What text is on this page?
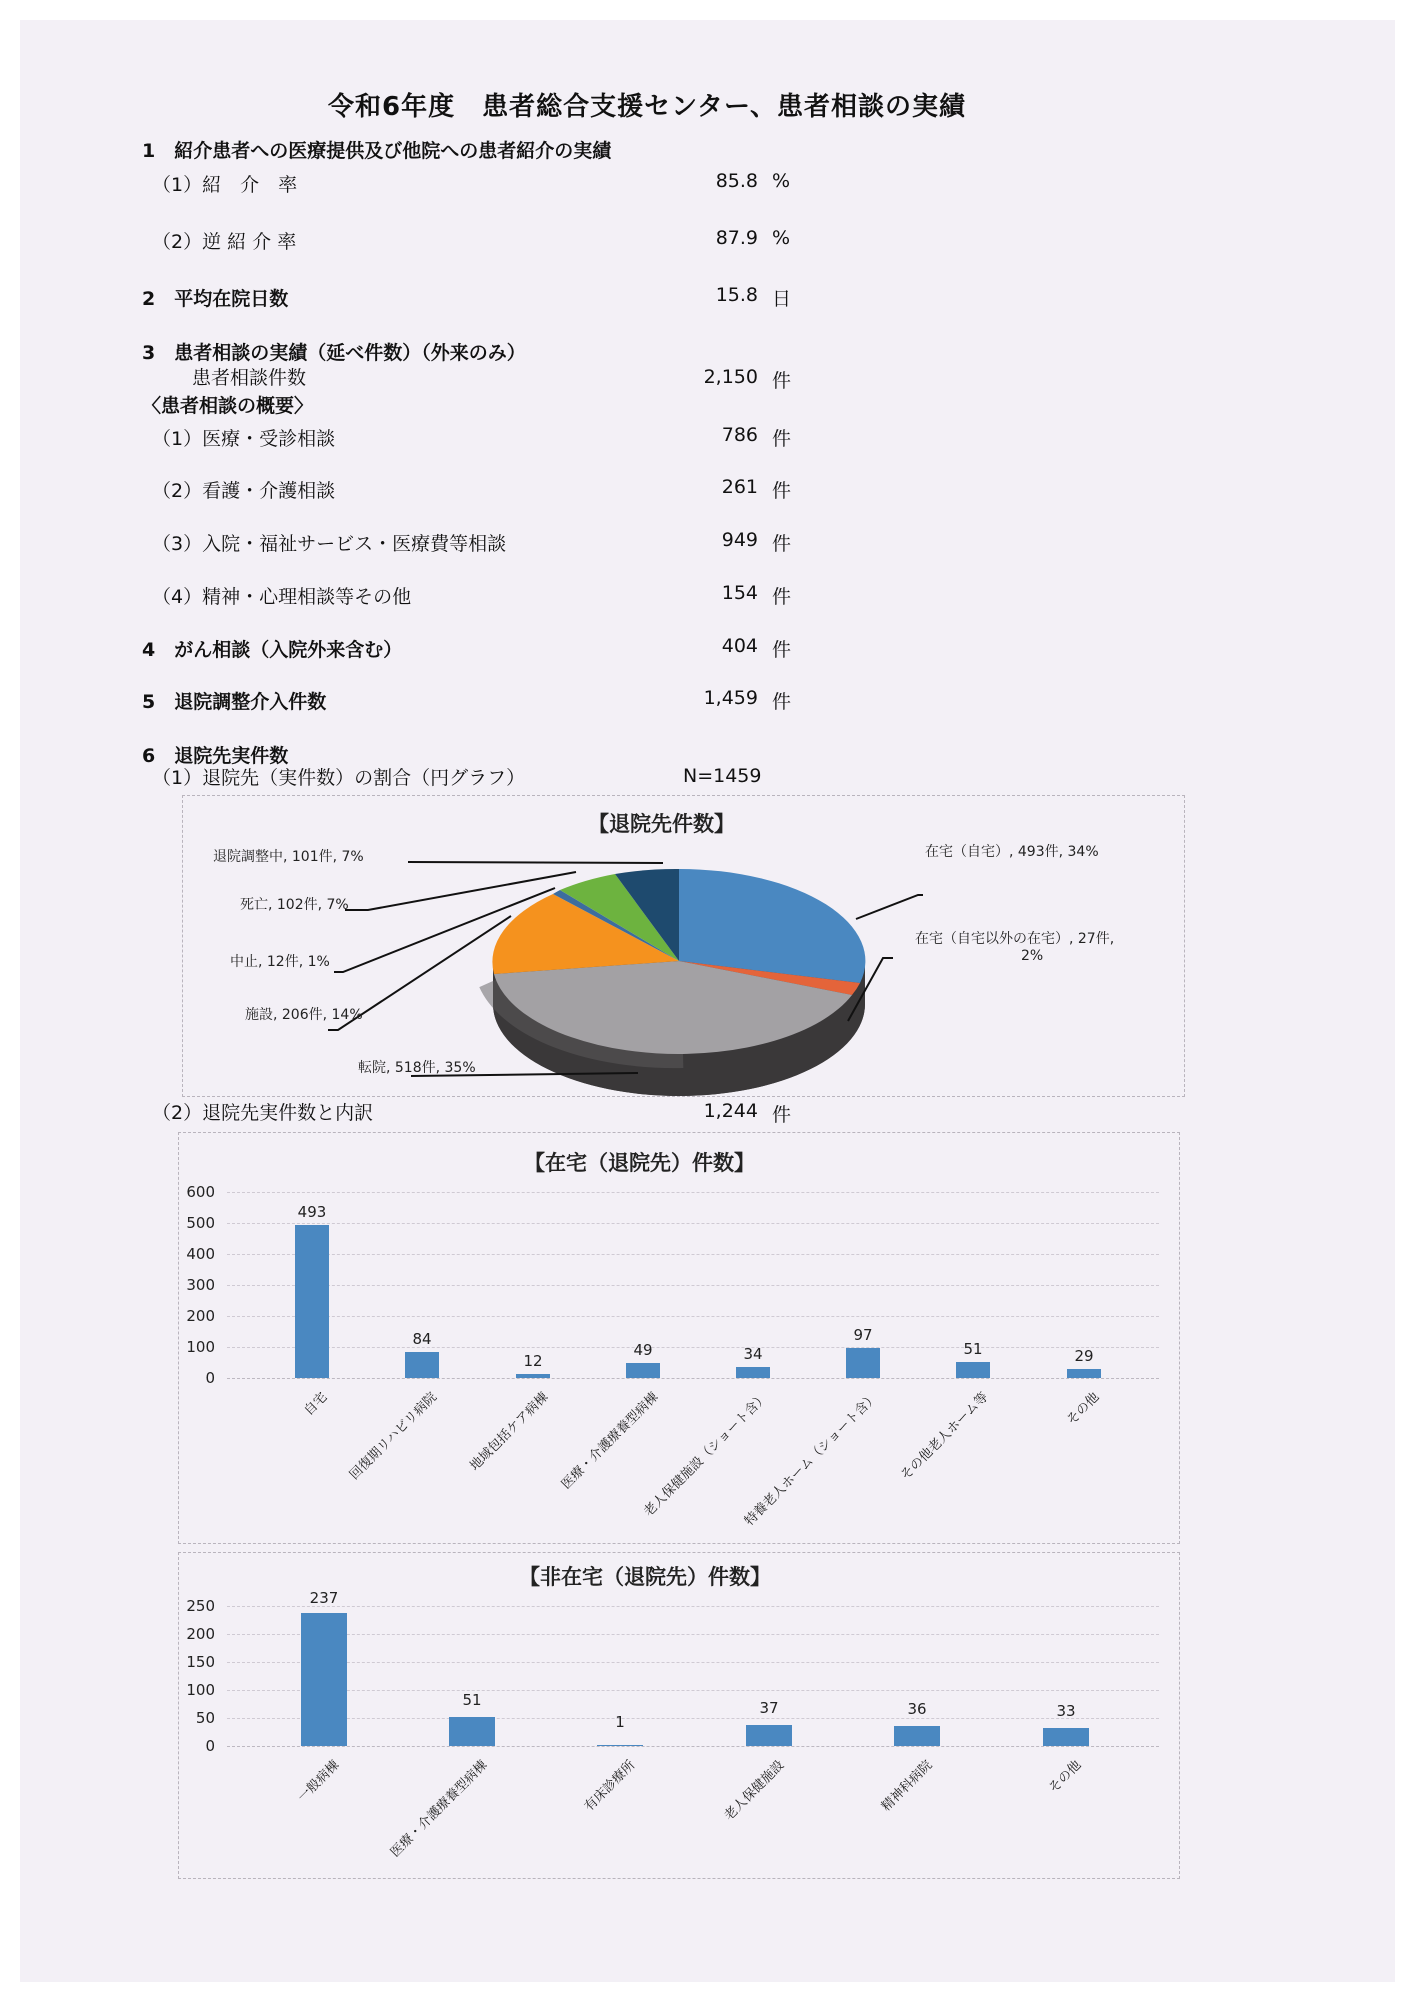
令和6年度　患者総合支援センター、患者相談の実績
1　紹介患者への医療提供及び他院への患者紹介の実績
（1）紹　介　率	85.8 %
（2）逆 紹 介 率	87.9 %
2　平均在院日数	15.8 日
3　患者相談の実績（延べ件数）（外来のみ）
患者相談件数	2,150 件
〈患者相談の概要〉
（1）医療・受診相談	786 件
（2）看護・介護相談	261 件
（3）入院・福祉サービス・医療費等相談	949 件
（4）精神・心理相談等その他	154 件
4　がん相談（入院外来含む）	404 件
5　退院調整介入件数	1,459 件
6　退院先実件数
（1）退院先（実件数）の割合（円グラフ）	N=1459
【退院先件数】
退院調整中, 101件, 7%
死亡, 102件, 7%
中止, 12件, 1%
施設, 206件, 14%
転院, 518件, 35%
在宅（自宅）, 493件, 34%
在宅（自宅以外の在宅）, 27件,
2%
（2）退院先実件数と内訳	1,244 件
【在宅（退院先）件数】
600
500
400
300
200
100
0
493
84
12
49	34
97
51	29
自宅 回復期リハビリ病院 地域包括ケア病棟 医療・介護療養型病棟
老人保健施設（ショート含）
特養老人ホーム（ショート含） その他老人ホーム等	その他
【非在宅（退院先）件数】
250
200
150
100
50
0
237
51
1
37	36	33
一般病棟	医療・介護療養型病棟	有床診療所	老人保健施設	精神科病院	その他
